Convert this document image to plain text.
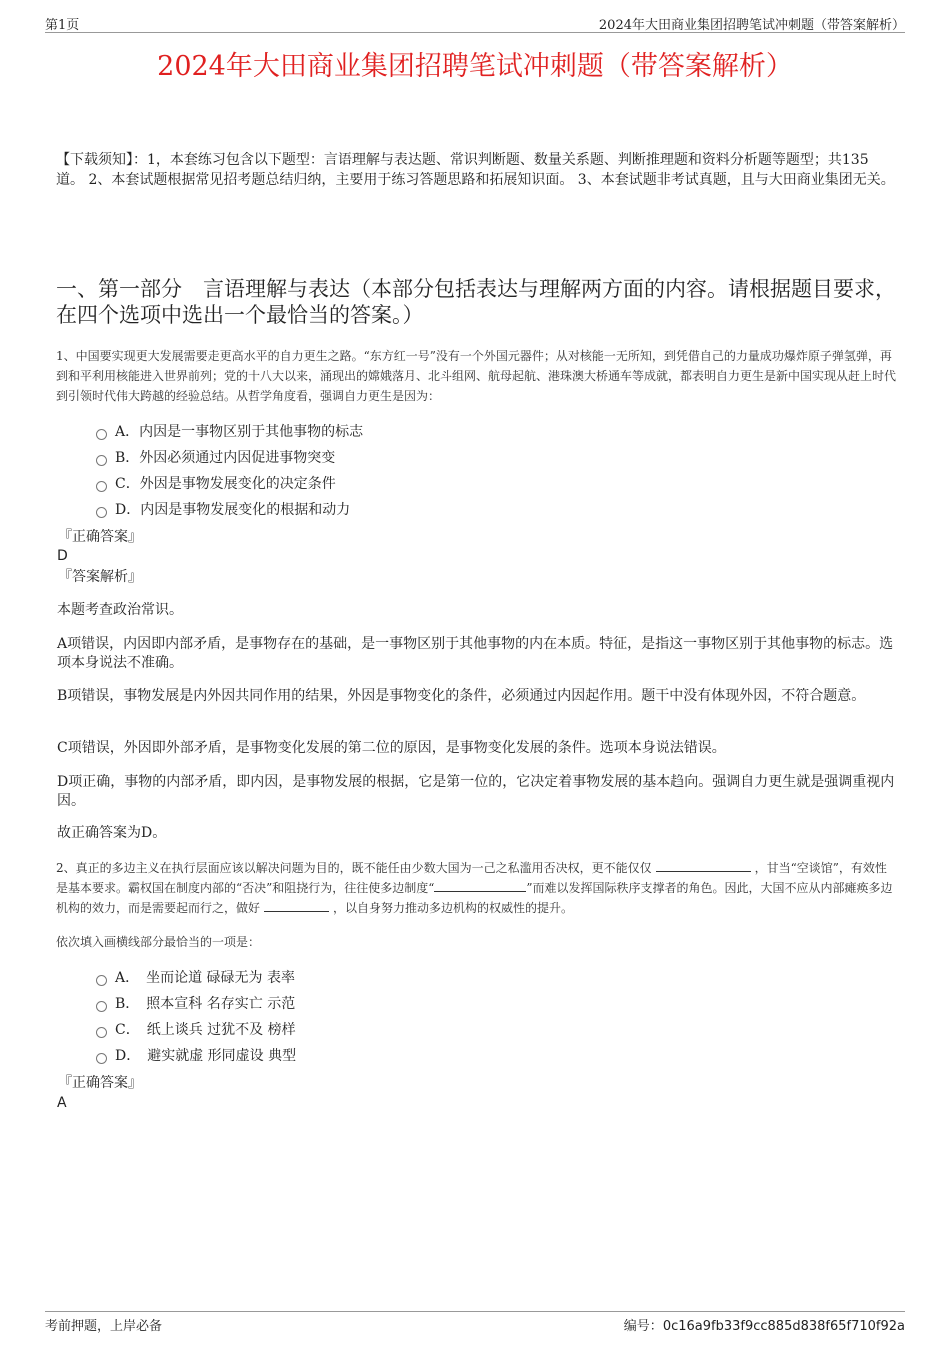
第1页	2024年大田商业集团招聘笔试冲刺题（带答案解析）
2024年大田商业集团招聘笔试冲刺题（带答案解析）
【下载须知】：1，本套练习包含以下题型：言语理解与表达题、常识判断题、数量关系题、判断推理题和资料分析题等题型；共135道。 2、本套试题根据常见招考题总结归纳，主要用于练习答题思路和拓展知识面。 3、本套试题非考试真题，且与大田商业集团无关。
一、第一部分　言语理解与表达（本部分包括表达与理解两方面的内容。请根据题目要求，在四个选项中选出一个最恰当的答案。）
1、中国要实现更大发展需要走更高水平的自力更生之路。“东方红一号”没有一个外国元器件；从对核能一无所知，到凭借自己的力量成功爆炸原子弹氢弹，再到和平利用核能进入世界前列；党的十八大以来，涌现出的嫦娥落月、北斗组网、航母起航、港珠澳大桥通车等成就，都表明自力更生是新中国实现从赶上时代到引领时代伟大跨越的经验总结。从哲学角度看，强调自力更生是因为：
A．内因是一事物区别于其他事物的标志
B．外因必须通过内因促进事物突变
C．外因是事物发展变化的决定条件
D．内因是事物发展变化的根据和动力
『正确答案』
D
『答案解析』
本题考查政治常识。
A项错误，内因即内部矛盾，是事物存在的基础，是一事物区别于其他事物的内在本质。特征，是指这一事物区别于其他事物的标志。选项本身说法不准确。
B项错误，事物发展是内外因共同作用的结果，外因是事物变化的条件，必须通过内因起作用。题干中没有体现外因，不符合题意。
C项错误，外因即外部矛盾，是事物变化发展的第二位的原因，是事物变化发展的条件。选项本身说法错误。
D项正确，事物的内部矛盾，即内因，是事物发展的根据，它是第一位的，它决定着事物发展的基本趋向。强调自力更生就是强调重视内因。
故正确答案为D。
2、真正的多边主义在执行层面应该以解决问题为目的，既不能任由少数大国为一己之私滥用否决权，更不能仅仅	，甘当“空谈馆”，有效性是基本要求。霸权国在制度内部的“否决”和阻挠行为，往往使多边制度“	”而难以发挥国际秩序支撑者的角色。因此，大国不应从内部瘫痪多边机构的效力，而是需要起而行之，做好	，以自身努力推动多边机构的权威性的提升。
依次填入画横线部分最恰当的一项是：
A．　坐而论道 碌碌无为 表率
B．　照本宣科 名存实亡 示范
C．　纸上谈兵 过犹不及 榜样
D．　避实就虚 形同虚设 典型
『正确答案』
A
考前押题，上岸必备	编号：0c16a9fb33f9cc885d838f65f710f92a
